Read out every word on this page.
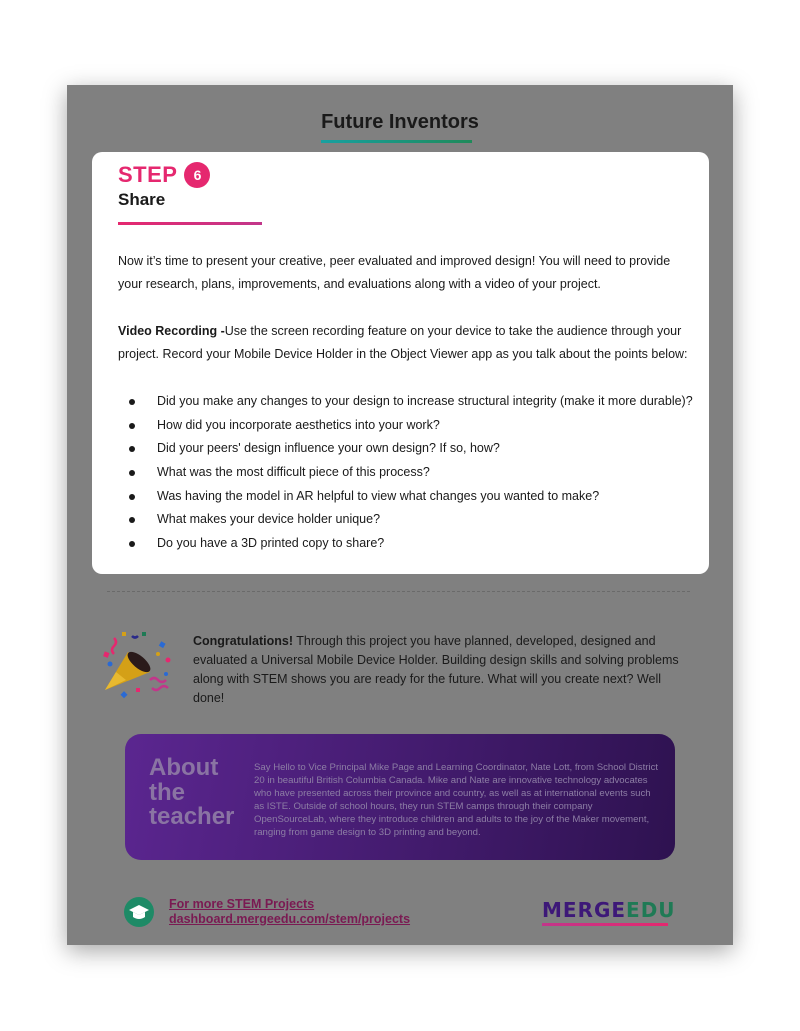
Future Inventors
STEP	6
Share
Now it’s time to present your creative, peer evaluated and improved design! You will need to provide your research, plans, improvements, and evaluations along with a video of your project.
Video Recording -Use the screen recording feature on your device to take the audience through your project. Record your Mobile Device Holder in the Object Viewer app as you talk about the points below:
Did you make any changes to your design to increase structural integrity (make it more durable)?
How did you incorporate aesthetics into your work?
Did your peers' design influence your own design? If so, how?
What was the most difficult piece of this process?
Was having the model in AR helpful to view what changes you wanted to make?
What makes your device holder unique?
Do you have a 3D printed copy to share?
Congratulations! Through this project you have planned, developed, designed and evaluated a Universal Mobile Device Holder. Building design skills and solving problems along with STEM shows you are ready for the future. What will you create next? Well done!
About
the
teacher
Say Hello to Vice Principal Mike Page and Learning Coordinator, Nate Lott, from School District 20 in beautiful British Columbia Canada. Mike and Nate are innovative technology advocates who have presented across their province and country, as well as at international events such as ISTE. Outside of school hours, they run STEM camps through their company OpenSourceLab, where they introduce children and adults to the joy of the Maker movement, ranging from game design to 3D printing and beyond.
For more STEM Projects
dashboard.mergeedu.com/stem/projects	MERGEEDU
